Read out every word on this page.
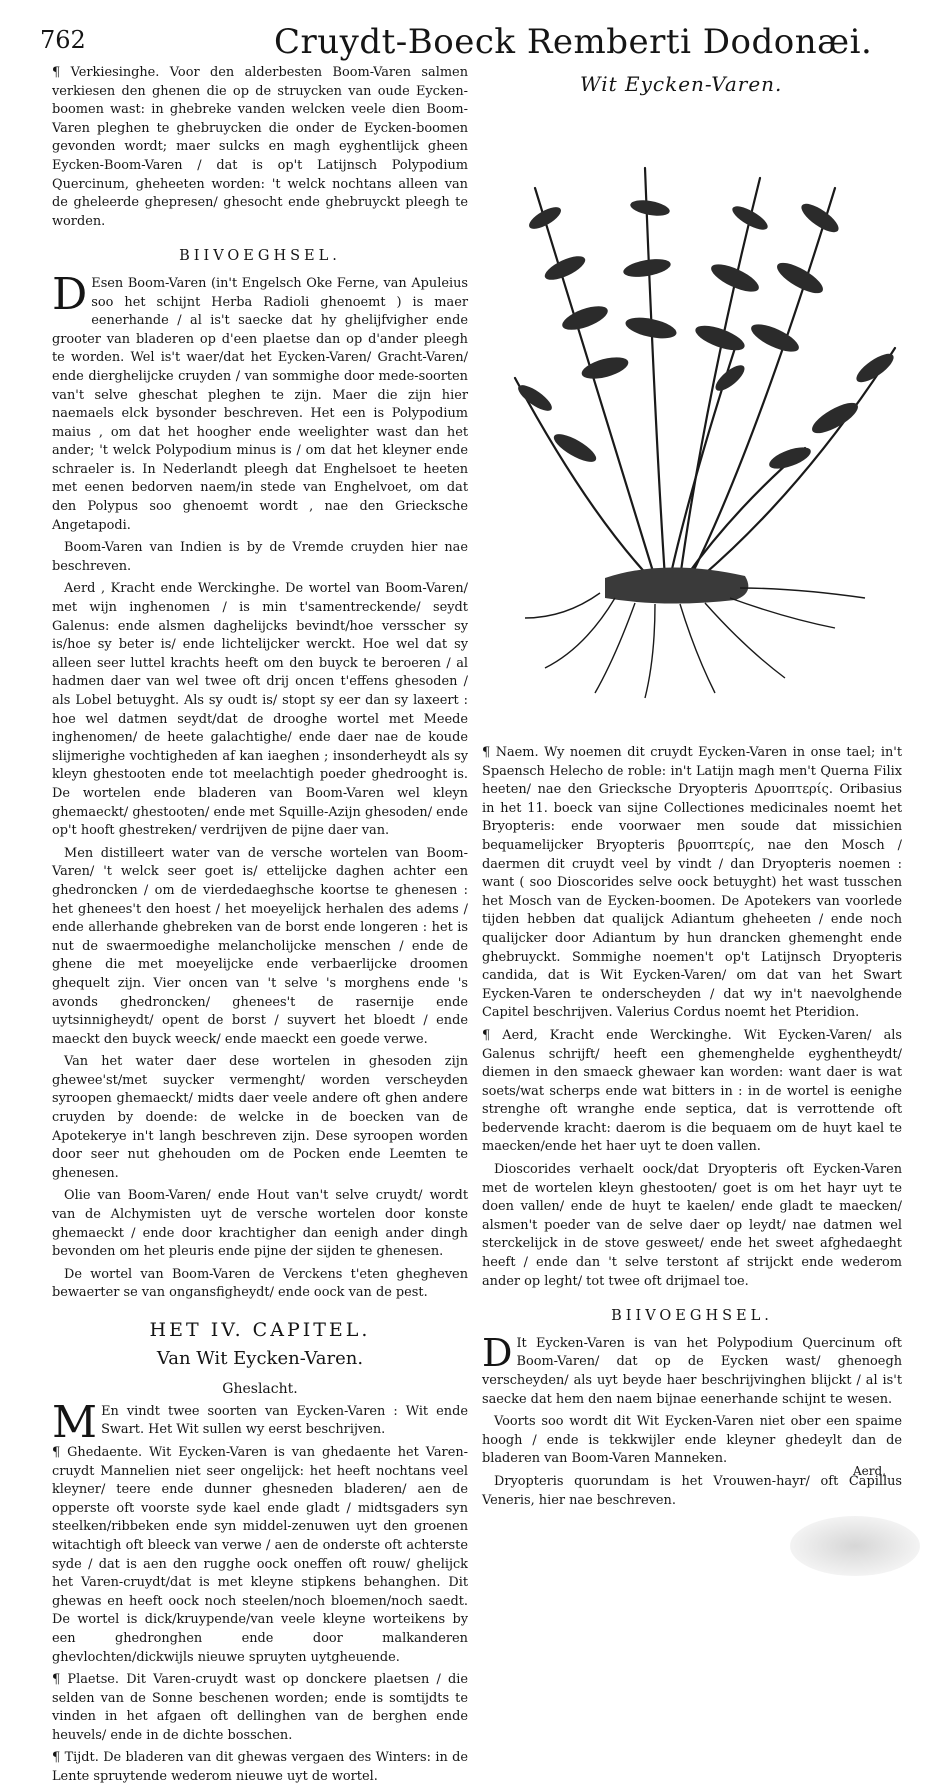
762	Cruydt-Boeck Remberti Dodonæi.

¶ Verkiesinghe. Voor den alderbesten Boom-Varen salmen verkiesen den ghenen die op de struycken van oude Eycken-boomen wast: in ghebreke vanden welcken veele dien Boom-Varen pleghen te ghebruycken die onder de Eycken-boomen gevonden wordt; maer sulcks en magh eyghentlijck gheen Eycken-Boom-Varen / dat is op't Latijnsch Polypodium Quercinum, gheheeten worden: 't welck nochtans alleen van de gheleerde ghepresen/ ghesocht ende ghebruyckt pleegh te worden.

BIIVOEGHSEL.

D Esen Boom-Varen (in't Engelsch Oke Ferne, van Apuleius soo het schijnt Herba Radioli ghenoemt ) is maer eenerhande / al is't saecke dat hy ghelijfvigher ende grooter van bladeren op d'een plaetse dan op d'ander pleegh te worden. Wel is't waer/dat het Eycken-Varen/ Gracht-Varen/ ende dierghelijcke cruyden / van sommighe door mede-soorten van't selve gheschat pleghen te zijn. Maer die zijn hier naemaels elck bysonder beschreven. Het een is Polypodium maius , om dat het hoogher ende weelighter wast dan het ander; 't welck Polypodium minus is / om dat het kleyner ende schraeler is. In Nederlandt pleegh dat Enghelsoet te heeten met eenen bedorven naem/in stede van Enghelvoet, om dat den Polypus soo ghenoemt wordt , nae den Griecksche Angetapodi.

Boom-Varen van Indien is by de Vremde cruyden hier nae beschreven.

Aerd , Kracht ende Werckinghe. De wortel van Boom-Varen/ met wijn inghenomen / is min t'samentreckende/ seydt Galenus: ende alsmen daghelijcks bevindt/hoe versscher sy is/hoe sy beter is/ ende lichtelijcker werckt. Hoe wel dat sy alleen seer luttel krachts heeft om den buyck te beroeren / al hadmen daer van wel twee oft drij oncen t'effens ghesoden / als Lobel betuyght. Als sy oudt is/ stopt sy eer dan sy laxeert : hoe wel datmen seydt/dat de drooghe wortel met Meede inghenomen/ de heete galachtighe/ ende daer nae de koude slijmerighe vochtigheden af kan iaeghen ; insonderheydt als sy kleyn ghestooten ende tot meelachtigh poeder ghedrooght is. De wortelen ende bladeren van Boom-Varen wel kleyn ghemaeckt/ ghestooten/ ende met Squille-Azijn ghesoden/ ende op't hooft ghestreken/ verdrijven de pijne daer van.

Men distilleert water van de versche wortelen van Boom-Varen/ 't welck seer goet is/ ettelijcke daghen achter een ghedroncken / om de vierdedaeghsche koortse te ghenesen : het ghenees't den hoest / het moeyelijck herhalen des adems / ende allerhande ghebreken van de borst ende longeren : het is nut de swaermoedighe melancholijcke menschen / ende de ghene die met moeyelijcke ende verbaerlijcke droomen ghequelt zijn. Vier oncen van 't selve 's morghens ende 's avonds ghedroncken/ ghenees't de rasernije ende uytsinnigheydt/ opent de borst / suyvert het bloedt / ende maeckt den buyck weeck/ ende maeckt een goede verwe.

Van het water daer dese wortelen in ghesoden zijn ghewee'st/met suycker vermenght/ worden verscheyden syroopen ghemaeckt/ midts daer veele andere oft ghen andere cruyden by doende: de welcke in de boecken van de Apotekerye in't langh beschreven zijn. Dese syroopen worden door seer nut ghehouden om de Pocken ende Leemten te ghenesen.

Olie van Boom-Varen/ ende Hout van't selve cruydt/ wordt van de Alchymisten uyt de versche wortelen door konste ghemaeckt / ende door krachtigher dan eenigh ander dingh bevonden om het pleuris ende pijne der sijden te ghenesen.

De wortel van Boom-Varen de Verckens t'eten ghegheven bewaerter se van ongansfigheydt/ ende oock van de pest.

HET IV. CAPITEL.
Van Wit Eycken-Varen.
Gheslacht.

M En vindt twee soorten van Eycken-Varen : Wit ende Swart. Het Wit sullen wy eerst beschrijven.

¶ Ghedaente. Wit Eycken-Varen is van ghedaente het Varen-cruydt Mannelien niet seer ongelijck: het heeft nochtans veel kleyner/ teere ende dunner ghesneden bladeren/ aen de opperste oft voorste syde kael ende gladt / midtsgaders syn steelken/ribbeken ende syn middel-zenuwen uyt den groenen witachtigh oft bleeck van verwe / aen de onderste oft achterste syde / dat is aen den rugghe oock oneffen oft rouw/ ghelijck het Varen-cruydt/dat is met kleyne stipkens behanghen. Dit ghewas en heeft oock noch steelen/noch bloemen/noch saedt. De wortel is dick/kruypende/van veele kleyne worteikens by een ghedronghen ende door malkanderen ghevlochten/dickwijls nieuwe spruyten uytgheuende.

¶ Plaetse. Dit Varen-cruydt wast op donckere plaetsen / die selden van de Sonne beschenen worden; ende is somtijdts te vinden in het afgaen oft dellinghen van de berghen ende heuvels/ ende in de dichte bosschen.

¶ Tijdt. De bladeren van dit ghewas vergaen des Winters: in de Lente spruytende wederom nieuwe uyt de wortel.

Wit Eycken-Varen.

¶ Naem. Wy noemen dit cruydt Eycken-Varen in onse tael; in't Spaensch Helecho de roble: in't Latijn magh men't Querna Filix heeten/ nae den Griecksche Dryopteris Δρυοπτερίς. Oribasius in het 11. boeck van sijne Collectiones medicinales noemt het Bryopteris: ende voorwaer men soude dat missichien bequamelijcker Bryopteris βρυοπτερίς, nae den Mosch / daermen dit cruydt veel by vindt / dan Dryopteris noemen : want ( soo Dioscorides selve oock betuyght) het wast tusschen het Mosch van de Eycken-boomen. De Apotekers van voorlede tijden hebben dat qualijck Adiantum gheheeten / ende noch qualijcker door Adiantum by hun drancken ghemenght ende ghebruyckt. Sommighe noemen't op't Latijnsch Dryopteris candida, dat is Wit Eycken-Varen/ om dat van het Swart Eycken-Varen te onderscheyden / dat wy in't naevolghende Capitel beschrijven. Valerius Cordus noemt het Pteridion.

¶ Aerd, Kracht ende Werckinghe. Wit Eycken-Varen/ als Galenus schrijft/ heeft een ghemenghelde eyghentheydt/ diemen in den smaeck ghewaer kan worden: want daer is wat soets/wat scherps ende wat bitters in : in de wortel is eenighe strenghe oft wranghe ende septica, dat is verrottende oft bedervende kracht: daerom is die bequaem om de huyt kael te maecken/ende het haer uyt te doen vallen.

Dioscorides verhaelt oock/dat Dryopteris oft Eycken-Varen met de wortelen kleyn ghestooten/ goet is om het hayr uyt te doen vallen/ ende de huyt te kaelen/ ende gladt te maecken/ alsmen't poeder van de selve daer op leydt/ nae datmen wel sterckelijck in de stove gesweet/ ende het sweet afghedaeght heeft / ende dan 't selve terstont af strijckt ende wederom ander op leght/ tot twee oft drijmael toe.

BIIVOEGHSEL.

D It Eycken-Varen is van het Polypodium Quercinum oft Boom-Varen/ dat op de Eycken wast/ ghenoegh verscheyden/ als uyt beyde haer beschrijvinghen blijckt / al is't saecke dat hem den naem bijnae eenerhande schijnt te wesen.

Voorts soo wordt dit Wit Eycken-Varen niet ober een spaime hoogh / ende is tekkwijler ende kleyner ghedeylt dan de bladeren van Boom-Varen Manneken.

Dryopteris quorundam is het Vrouwen-hayr/ oft Capillus Veneris, hier nae beschreven.

Aerd,
